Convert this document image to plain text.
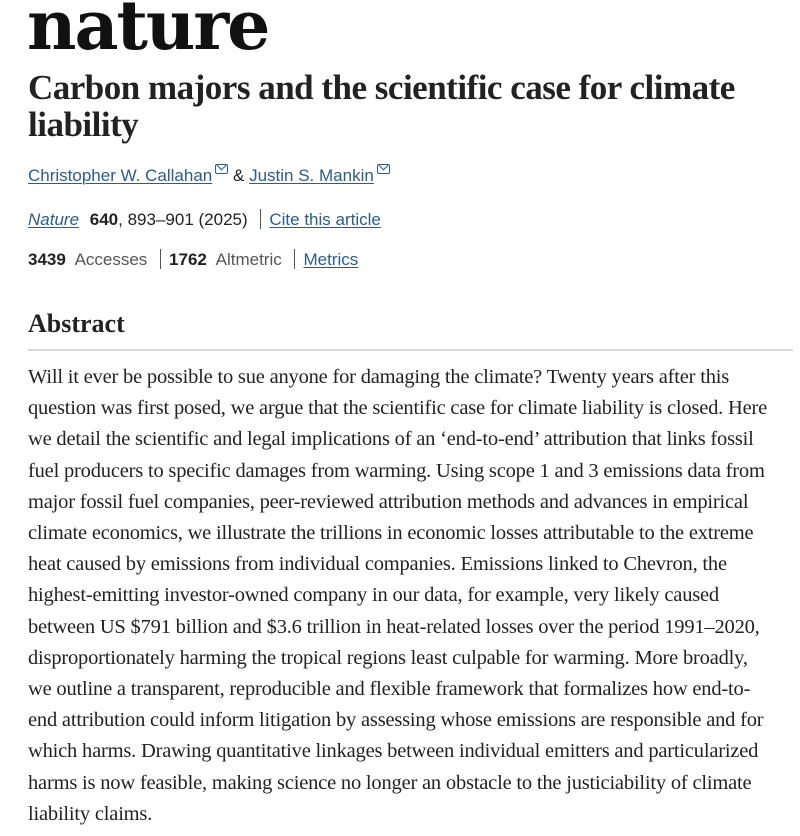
nature
Carbon majors and the scientific case for climate liability
Christopher W. Callahan & Justin S. Mankin
Nature 640, 893–901 (2025) Cite this article
3439 Accesses 1762 Altmetric Metrics
Abstract
Will it ever be possible to sue anyone for damaging the climate? Twenty years after this
question was first posed, we argue that the scientific case for climate liability is closed. Here
we detail the scientific and legal implications of an ‘end-to-end’ attribution that links fossil
fuel producers to specific damages from warming. Using scope 1 and 3 emissions data from
major fossil fuel companies, peer-reviewed attribution methods and advances in empirical
climate economics, we illustrate the trillions in economic losses attributable to the extreme
heat caused by emissions from individual companies. Emissions linked to Chevron, the
highest-emitting investor-owned company in our data, for example, very likely caused
between US $791 billion and $3.6 trillion in heat-related losses over the period 1991–2020,
disproportionately harming the tropical regions least culpable for warming. More broadly,
we outline a transparent, reproducible and flexible framework that formalizes how end-to-
end attribution could inform litigation by assessing whose emissions are responsible and for
which harms. Drawing quantitative linkages between individual emitters and particularized
harms is now feasible, making science no longer an obstacle to the justiciability of climate
liability claims.
